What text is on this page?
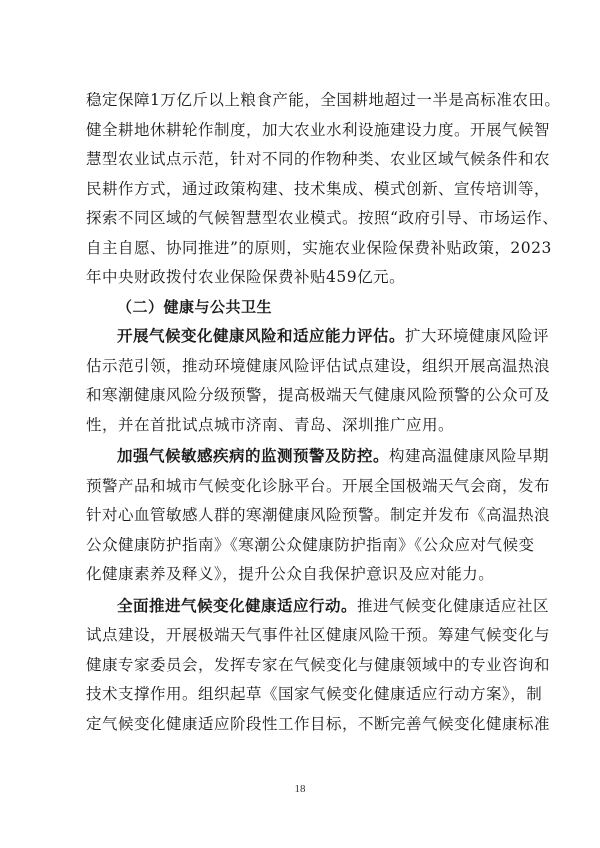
稳定保障1万亿斤以上粮食产能，全国耕地超过一半是高标准农田。
健全耕地休耕轮作制度，加大农业水利设施建设力度。开展气候智
慧型农业试点示范，针对不同的作物种类、农业区域气候条件和农
民耕作方式，通过政策构建、技术集成、模式创新、宣传培训等，
探索不同区域的气候智慧型农业模式。按照“政府引导、市场运作、
自主自愿、协同推进”的原则，实施农业保险保费补贴政策，2023
年中央财政拨付农业保险保费补贴459亿元。
（二）健康与公共卫生
开展气候变化健康风险和适应能力评估。扩大环境健康风险评
估示范引领，推动环境健康风险评估试点建设，组织开展高温热浪
和寒潮健康风险分级预警，提高极端天气健康风险预警的公众可及
性，并在首批试点城市济南、青岛、深圳推广应用。
加强气候敏感疾病的监测预警及防控。构建高温健康风险早期
预警产品和城市气候变化诊脉平台。开展全国极端天气会商，发布
针对心血管敏感人群的寒潮健康风险预警。制定并发布《高温热浪
公众健康防护指南》《寒潮公众健康防护指南》《公众应对气候变
化健康素养及释义》，提升公众自我保护意识及应对能力。
全面推进气候变化健康适应行动。推进气候变化健康适应社区
试点建设，开展极端天气事件社区健康风险干预。筹建气候变化与
健康专家委员会，发挥专家在气候变化与健康领域中的专业咨询和
技术支撑作用。组织起草《国家气候变化健康适应行动方案》，制
定气候变化健康适应阶段性工作目标，不断完善气候变化健康标准
18
